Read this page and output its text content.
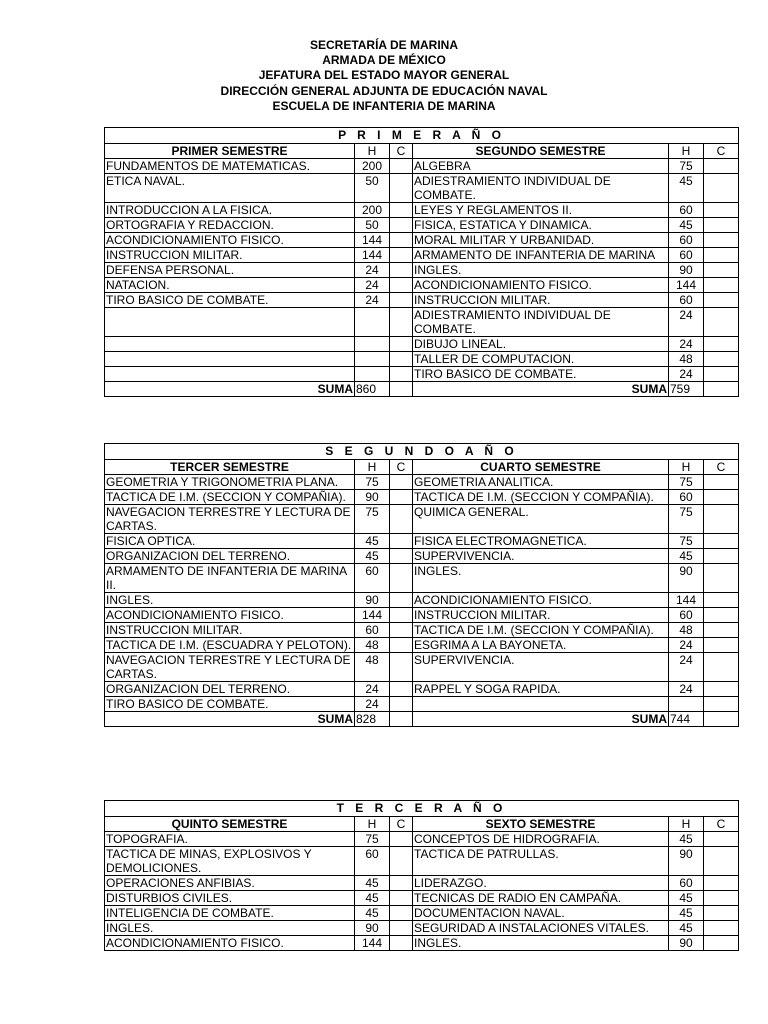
SECRETARÍA DE MARINA
ARMADA DE MÉXICO
JEFATURA DEL ESTADO MAYOR GENERAL
DIRECCIÓN GENERAL ADJUNTA DE EDUCACIÓN NAVAL
ESCUELA DE INFANTERIA DE MARINA
P R I M E R A Ñ O					
PRIMER SEMESTRE	H	C	SEGUNDO SEMESTRE	H	C
FUNDAMENTOS DE MATEMATICAS.	200		ALGEBRA	75	
ETICA NAVAL.	50		ADIESTRAMIENTO INDIVIDUAL DE COMBATE.	45	
INTRODUCCION A LA FISICA.	200		LEYES Y REGLAMENTOS II.	60	
ORTOGRAFIA Y REDACCION.	50		FISICA, ESTATICA Y DINAMICA.	45	
ACONDICIONAMIENTO FISICO.	144		MORAL MILITAR Y URBANIDAD.	60	
INSTRUCCION MILITAR.	144		ARMAMENTO DE INFANTERIA DE MARINA	60	
DEFENSA PERSONAL.	24		INGLES.	90	
NATACION.	24		ACONDICIONAMIENTO FISICO.	144	
TIRO BASICO DE COMBATE.	24		INSTRUCCION MILITAR.	60	
			ADIESTRAMIENTO INDIVIDUAL DE COMBATE.	24	
			DIBUJO LINEAL.	24	
			TALLER DE COMPUTACION.	48	
			TIRO BASICO DE COMBATE.	24	
SUMA	860		SUMA	759	
S E G U N D O A Ñ O					
TERCER SEMESTRE	H	C	CUARTO SEMESTRE	H	C
GEOMETRIA Y TRIGONOMETRIA PLANA.	75		GEOMETRIA ANALITICA.	75	
TACTICA DE I.M. (SECCION Y COMPAÑIA).	90		TACTICA DE I.M. (SECCION Y COMPAÑIA).	60	
NAVEGACION TERRESTRE Y LECTURA DE CARTAS.	75		QUIMICA GENERAL.	75	
FISICA OPTICA.	45		FISICA ELECTROMAGNETICA.	75	
ORGANIZACION DEL TERRENO.	45		SUPERVIVENCIA.	45	
ARMAMENTO DE INFANTERIA DE MARINA II.	60		INGLES.	90	
INGLES.	90		ACONDICIONAMIENTO FISICO.	144	
ACONDICIONAMIENTO FISICO.	144		INSTRUCCION MILITAR.	60	
INSTRUCCION MILITAR.	60		TACTICA DE I.M. (SECCION Y COMPAÑIA).	48	
TACTICA DE I.M. (ESCUADRA Y PELOTON).	48		ESGRIMA A LA BAYONETA.	24	
NAVEGACION TERRESTRE Y LECTURA DE CARTAS.	48		SUPERVIVENCIA.	24	
ORGANIZACION DEL TERRENO.	24		RAPPEL Y SOGA RAPIDA.	24	
TIRO BASICO DE COMBATE.	24				
SUMA	828		SUMA	744	
T E R C E R A Ñ O					
QUINTO SEMESTRE	H	C	SEXTO SEMESTRE	H	C
TOPOGRAFIA.	75		CONCEPTOS DE HIDROGRAFIA.	45	
TACTICA DE MINAS, EXPLOSIVOS Y DEMOLICIONES.	60		TACTICA DE PATRULLAS.	90	
OPERACIONES ANFIBIAS.	45		LIDERAZGO.	60	
DISTURBIOS CIVILES.	45		TECNICAS DE RADIO EN CAMPAÑA.	45	
INTELIGENCIA DE COMBATE.	45		DOCUMENTACION NAVAL.	45	
INGLES.	90		SEGURIDAD A INSTALACIONES VITALES.	45	
ACONDICIONAMIENTO FISICO.	144		INGLES.	90	
